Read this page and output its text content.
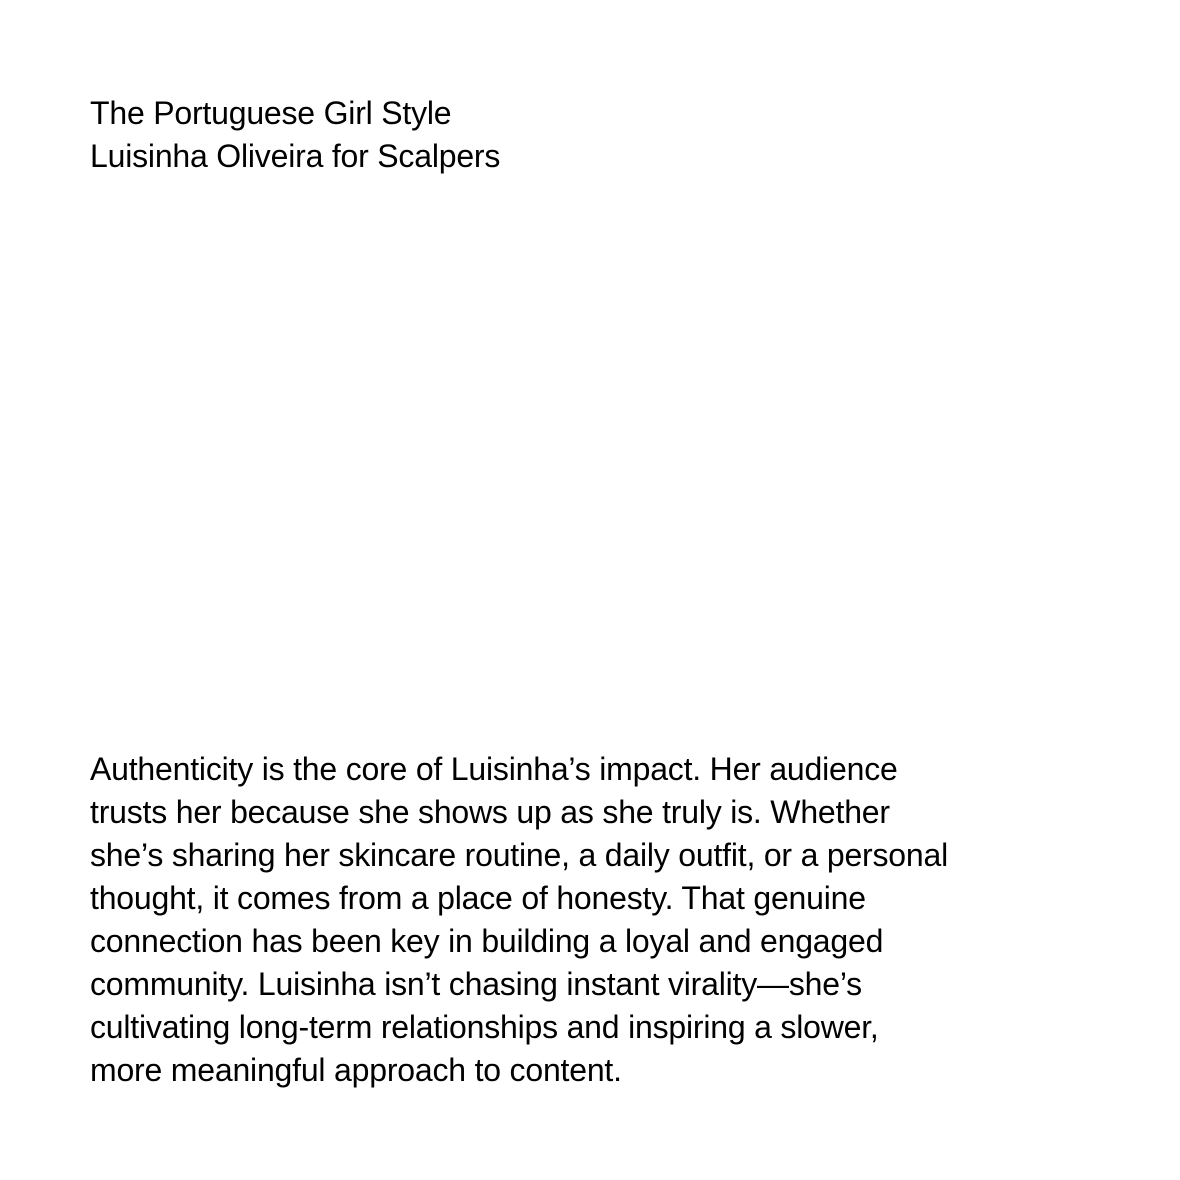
The Portuguese Girl Style
Luisinha Oliveira for Scalpers
Authenticity is the core of Luisinha’s impact. Her audience
trusts her because she shows up as she truly is. Whether
she’s sharing her skincare routine, a daily outfit, or a personal
thought, it comes from a place of honesty. That genuine
connection has been key in building a loyal and engaged
community. Luisinha isn’t chasing instant virality—she’s
cultivating long-term relationships and inspiring a slower,
more meaningful approach to content.
